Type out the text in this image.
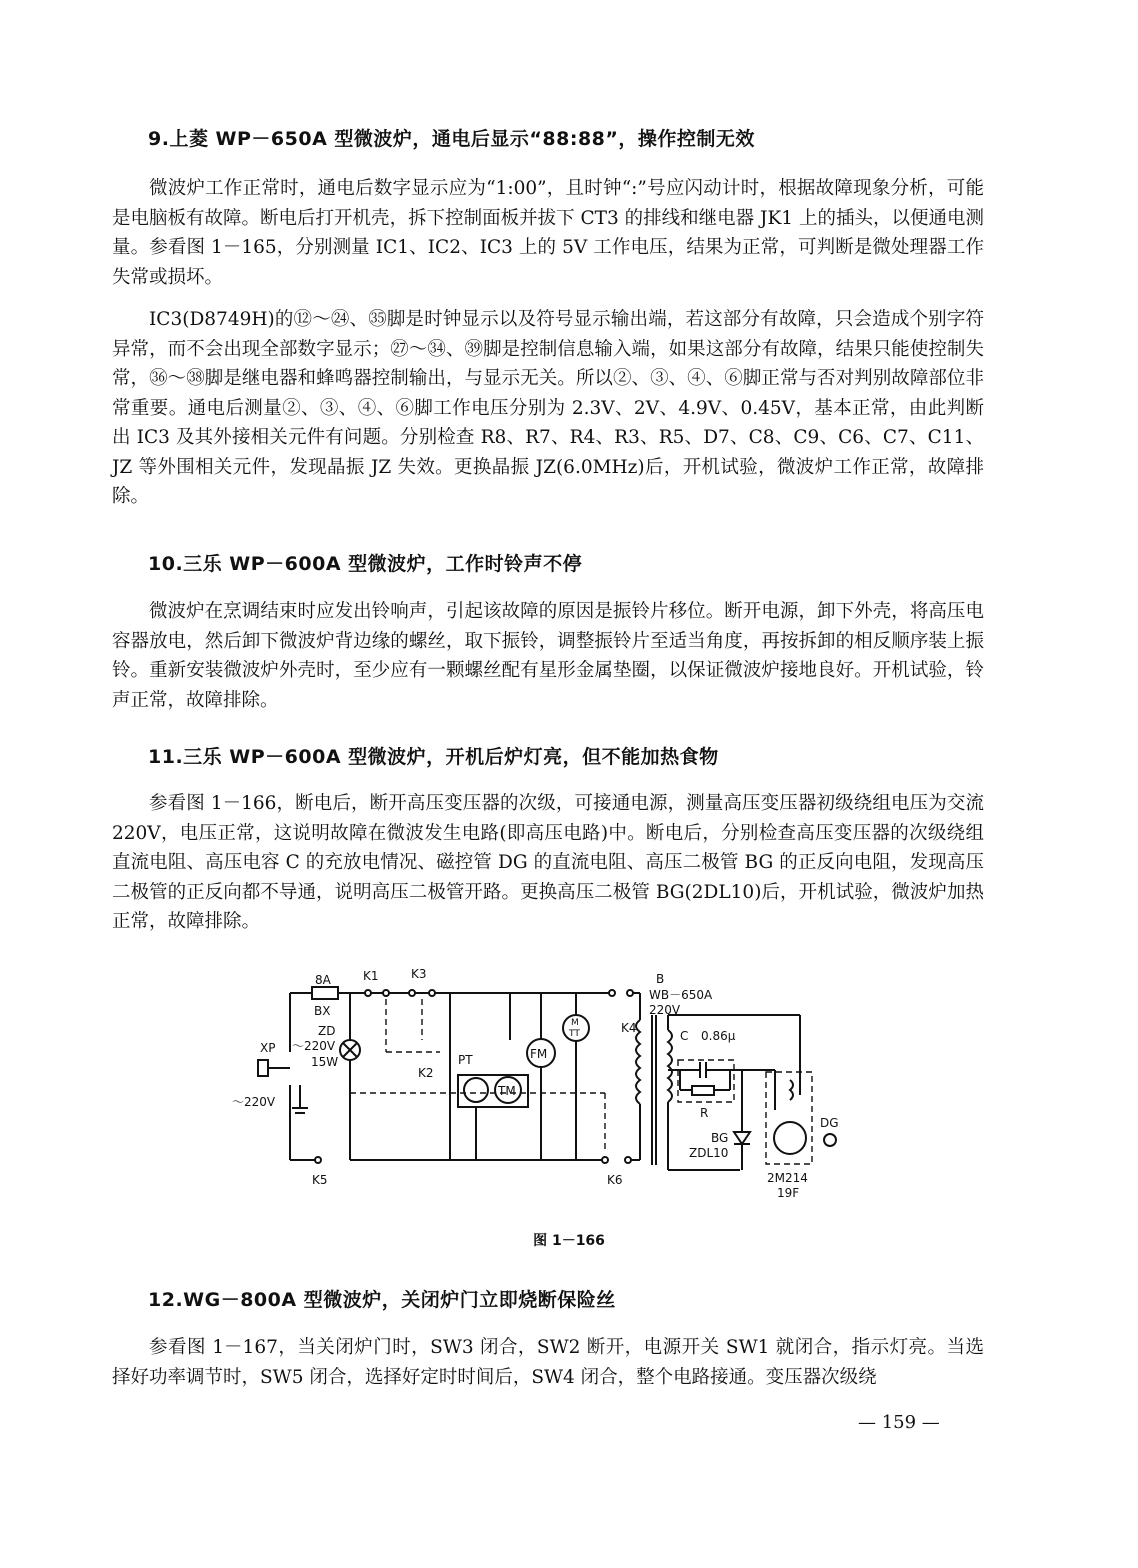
9.上菱 WP－650A 型微波炉，通电后显示“88:88”，操作控制无效

微波炉工作正常时，通电后数字显示应为“1:00”，且时钟“:”号应闪动计时，根据故障现象分析，可能是电脑板有故障。断电后打开机壳，拆下控制面板并拔下 CT3 的排线和继电器 JK1 上的插头，以便通电测量。参看图 1－165，分别测量 IC1、IC2、IC3 上的 5V 工作电压，结果为正常，可判断是微处理器工作失常或损坏。

IC3(D8749H)的⑫～㉔、㉟脚是时钟显示以及符号显示输出端，若这部分有故障，只会造成个别字符异常，而不会出现全部数字显示；㉗～㉞、㊴脚是控制信息输入端，如果这部分有故障，结果只能使控制失常，㊱～㊳脚是继电器和蜂鸣器控制输出，与显示无关。所以②、③、④、⑥脚正常与否对判别故障部位非常重要。通电后测量②、③、④、⑥脚工作电压分别为 2.3V、2V、4.9V、0.45V，基本正常，由此判断出 IC3 及其外接相关元件有问题。分别检查 R8、R7、R4、R3、R5、D7、C8、C9、C6、C7、C11、JZ 等外围相关元件，发现晶振 JZ 失效。更换晶振 JZ(6.0MHz)后，开机试验，微波炉工作正常，故障排除。

10.三乐 WP－600A 型微波炉，工作时铃声不停

微波炉在烹调结束时应发出铃响声，引起该故障的原因是振铃片移位。断开电源，卸下外壳，将高压电容器放电，然后卸下微波炉背边缘的螺丝，取下振铃，调整振铃片至适当角度，再按拆卸的相反顺序装上振铃。重新安装微波炉外壳时，至少应有一颗螺丝配有星形金属垫圈，以保证微波炉接地良好。开机试验，铃声正常，故障排除。

11.三乐 WP－600A 型微波炉，开机后炉灯亮，但不能加热食物

参看图 1－166，断电后，断开高压变压器的次级，可接通电源，测量高压变压器初级绕组电压为交流 220V，电压正常，这说明故障在微波发生电路(即高压电路)中。断电后，分别检查高压变压器的次级绕组直流电阻、高压电容 C 的充放电情况、磁控管 DG 的直流电阻、高压二极管 BG 的正反向电阻，发现高压二极管的正反向都不导通，说明高压二极管开路。更换高压二极管 BG(2DL10)后，开机试验，微波炉加热正常，故障排除。

8A
BX
K1	K3	B
WB－650A
220V
ZD
～220V
15W
XP
～220V
K2
PT
TM
FM
M
TT	K4
C 0.86μ
R
BG
ZDL10
DG
2M214
19F
K5	K6
图 1－166
12.WG－800A 型微波炉，关闭炉门立即烧断保险丝

参看图 1－167，当关闭炉门时，SW3 闭合，SW2 断开，电源开关 SW1 就闭合，指示灯亮。当选择好功率调节时，SW5 闭合，选择好定时时间后，SW4 闭合，整个电路接通。变压器次级绕

— 159 —
